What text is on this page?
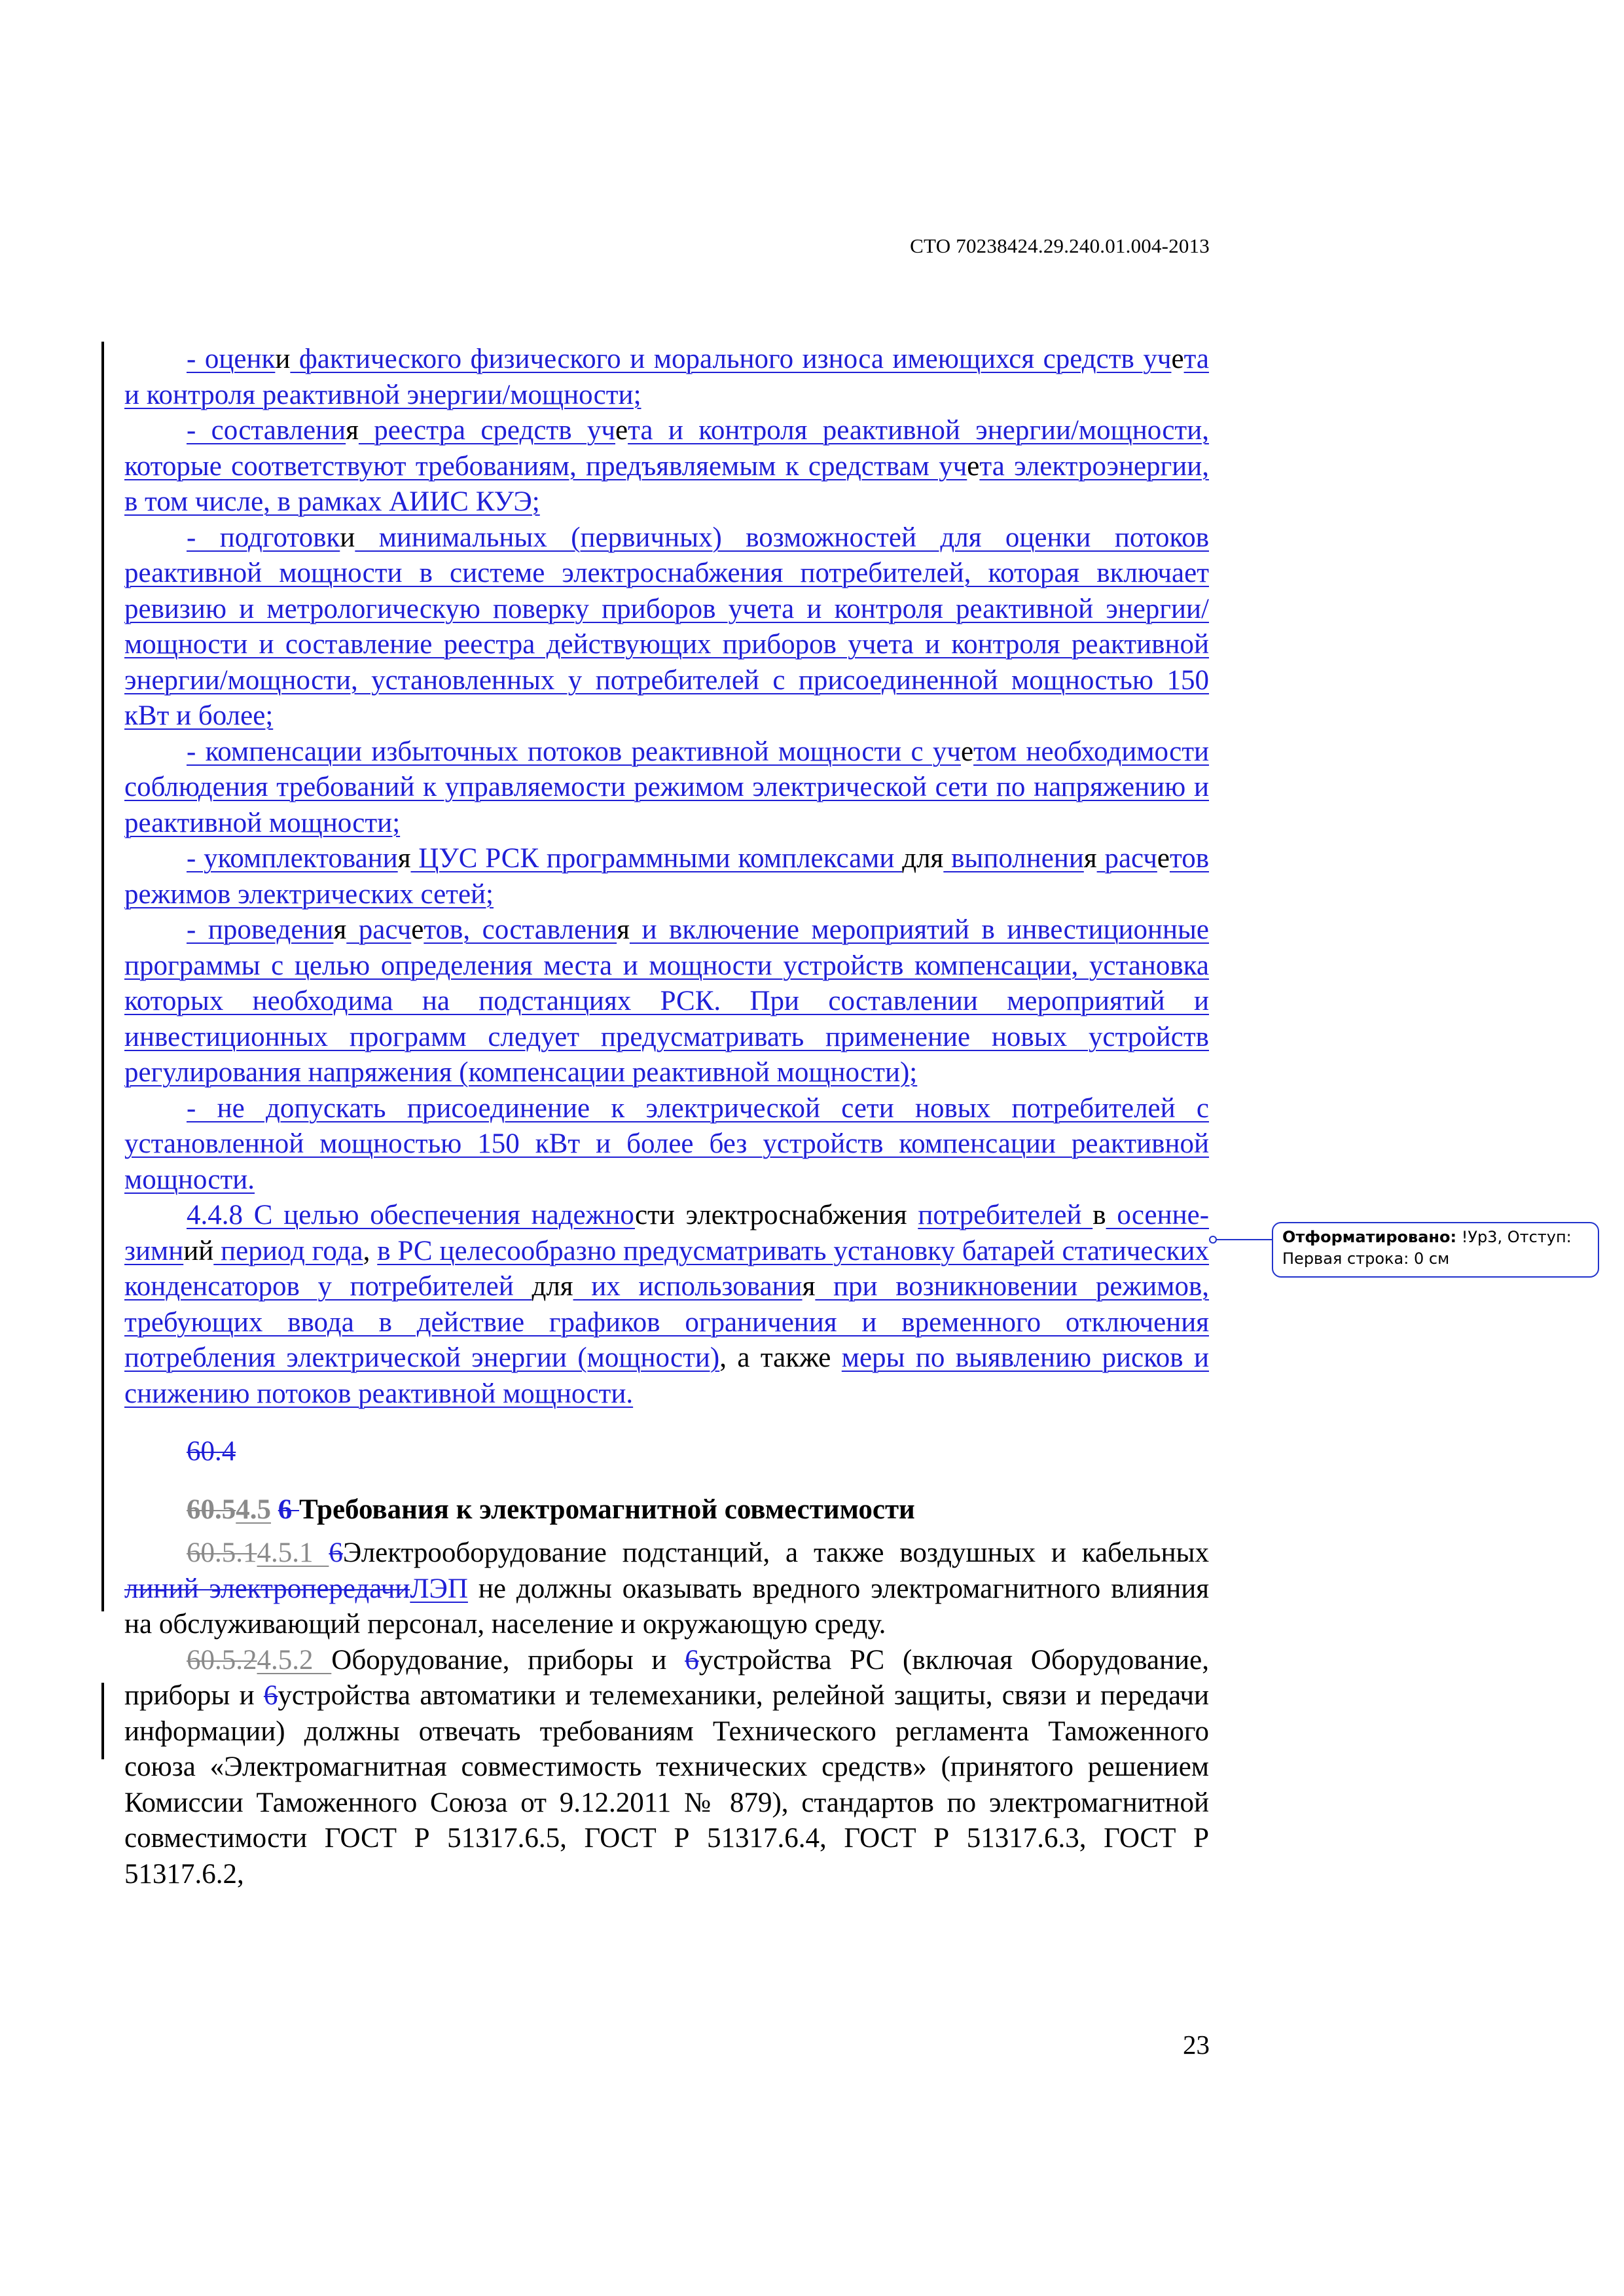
СТО 70238424.29.240.01.004-2013

- оценки фактического физического и морального износа имеющихся средств учета и контроля реактивной энергии/мощности;

- составления реестра средств учета и контроля реактивной энергии/мощности, которые соответствуют требованиям, предъявляемым к средствам учета электроэнергии, в том числе, в рамках АИИС КУЭ;

- подготовки минимальных (первичных) возможностей для оценки потоков реактивной мощности в системе электроснабжения потребителей, которая включает ревизию и метрологическую поверку приборов учета и контроля реактивной энергии/мощности и составление реестра действующих приборов учета и контроля реактивной энергии/мощности, установленных у потребителей с присоединенной мощностью 150 кВт и более;

- компенсации избыточных потоков реактивной мощности с учетом необходимости соблюдения требований к управляемости режимом электрической сети по напряжению и реактивной мощности;

- укомплектования ЦУС РСК программными комплексами для выполнения расчетов режимов электрических сетей;

- проведения расчетов, составления и включение мероприятий в инвестиционные программы с целью определения места и мощности устройств компенсации, установка которых необходима на подстанциях РСК. При составлении мероприятий и инвестиционных программ следует предусматривать применение новых устройств регулирования напряжения (компенсации реактивной мощности);

- не допускать присоединение к электрической сети новых потребителей с установленной мощностью 150 кВт и более без устройств компенсации реактивной мощности.

4.4.8 С целью обеспечения надежности электроснабжения потребителей в осенне-зимний период года, в РС целесообразно предусматривать установку батарей статических конденсаторов у потребителей для их использования при возникновении режимов, требующих ввода в действие графиков ограничения и временного отключения потребления электрической энергии (мощности), а также меры по выявлению рисков и снижению потоков реактивной мощности.

60.4

60.54.5 6 Требования к электромагнитной совместимости

60.5.14.5.1 6Электрооборудование подстанций, а также воздушных и кабельных линий электропередачиЛЭП не должны оказывать вредного электромагнитного влияния на обслуживающий персонал, население и окружающую среду.

60.5.24.5.2 Оборудование, приборы и 6устройства РС (включая Оборудование, приборы и 6устройства автоматики и телемеханики, релейной защиты, связи и передачи информации) должны отвечать требованиям Технического регламента Таможенного союза «Электромагнитная совместимость технических средств» (принятого решением Комиссии Таможенного Союза от 9.12.2011 № 879), стандартов по электромагнитной совместимости ГОСТ Р 51317.6.5, ГОСТ Р 51317.6.4, ГОСТ Р 51317.6.3, ГОСТ Р 51317.6.2,

Отформатировано: !Ур3, Отступ: Первая строка: 0 см
23
